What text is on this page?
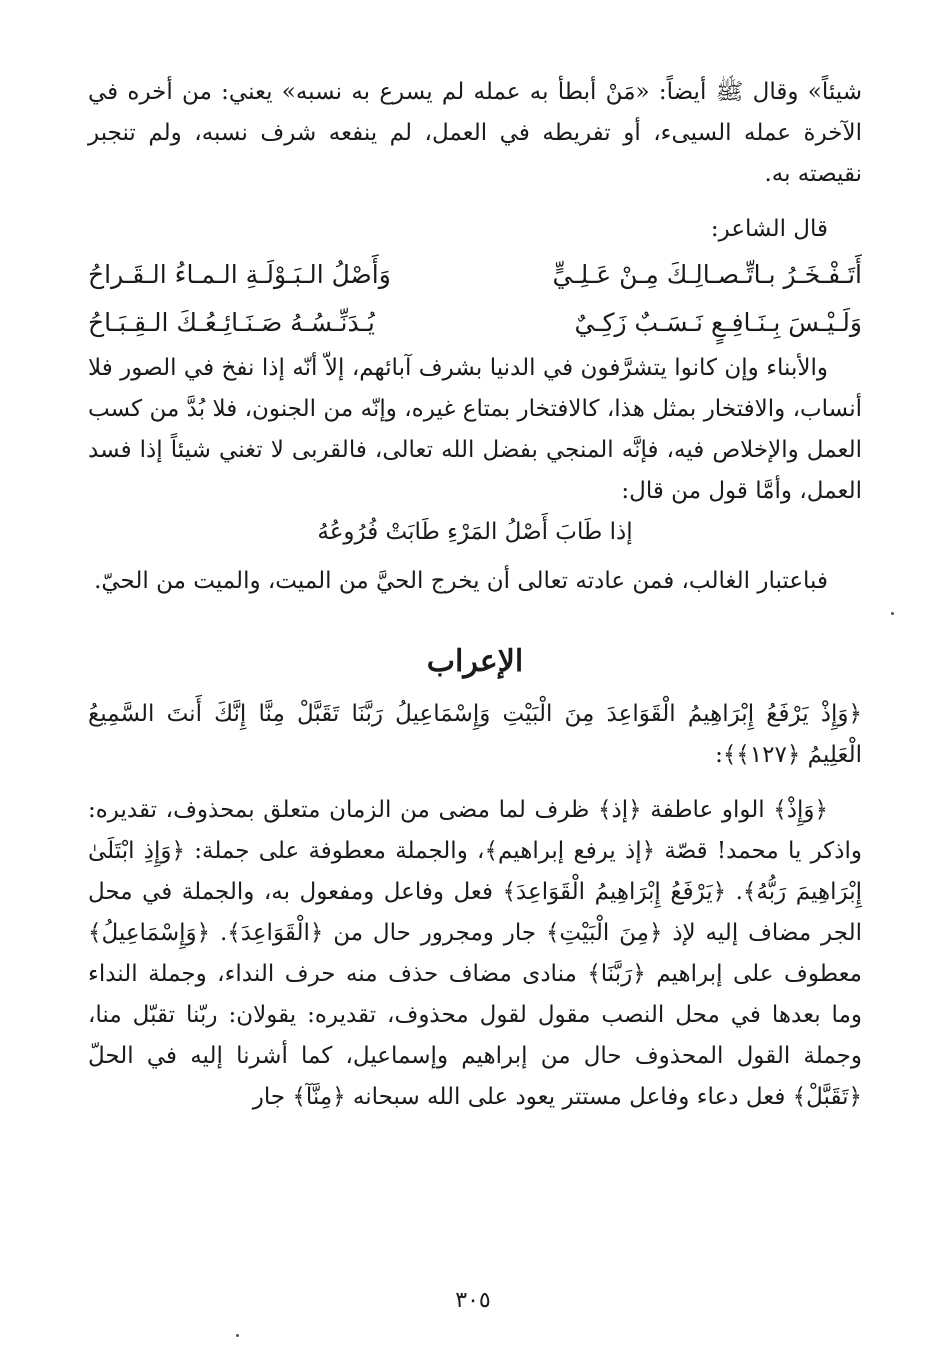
شيئاً» وقال ﷺ أيضاً: «مَنْ أبطأ به عمله لم يسرع به نسبه» يعني: من أخره في الآخرة عمله السيىء، أو تفريطه في العمل، لم ينفعه شرف نسبه، ولم تنجبر نقيصته به.

قال الشاعر:

أَتَـفْـخَـرُ بـاتِّـصـالِـكَ مِـنْ عَـلِـيٍّ
وَأَصْلُ الـبَـوْلَـةِ الـمـاءُ الـقَـراحُ
وَلَـيْـسَ بِـنَـافِـعٍ نَـسَـبٌ زَكِـيٌ
يُـدَنِّـسُـهُ صَـنَـائِـعُـكَ الـقِـبَـاحُ

والأبناء وإن كانوا يتشرَّفون في الدنيا بشرف آبائهم، إلاّ أنّه إذا نفخ في الصور فلا أنساب، والافتخار بمثل هذا، كالافتخار بمتاع غيره، وإنّه من الجنون، فلا بُدَّ من كسب العمل والإخلاص فيه، فإنَّه المنجي بفضل الله تعالى، فالقربى لا تغني شيئاً إذا فسد العمل، وأمَّا قول من قال:

إذا طَابَ أَصْلُ المَرْءِ طَابَتْ فُرُوعُهُ

فباعتبار الغالب، فمن عادته تعالى أن يخرج الحيَّ من الميت، والميت من الحيّ.

الإعراب

﴿وَإِذْ يَرْفَعُ إِبْرَاهِيمُ الْقَوَاعِدَ مِنَ الْبَيْتِ وَإِسْمَاعِيلُ رَبَّنَا تَقَبَّلْ مِنَّا إِنَّكَ أَنتَ السَّمِيعُ الْعَلِيمُ ﴿١٢٧﴾﴾:

﴿وَإِذْ﴾ الواو عاطفة ﴿إذ﴾ ظرف لما مضى من الزمان متعلق بمحذوف، تقديره: واذكر يا محمد! قصّة ﴿إذ يرفع إبراهيم﴾، والجملة معطوفة على جملة: ﴿وَإِذِ ابْتَلَىٰ إِبْرَاهِيمَ رَبُّهُ﴾. ﴿يَرْفَعُ إِبْرَاهِيمُ الْقَوَاعِدَ﴾ فعل وفاعل ومفعول به، والجملة في محل الجر مضاف إليه لإذ ﴿مِنَ الْبَيْتِ﴾ جار ومجرور حال من ﴿الْقَوَاعِدَ﴾. ﴿وَإِسْمَاعِيلُ﴾ معطوف على إبراهيم ﴿رَبَّنَا﴾ منادى مضاف حذف منه حرف النداء، وجملة النداء وما بعدها في محل النصب مقول لقول محذوف، تقديره: يقولان: ربّنا تقبّل منا، وجملة القول المحذوف حال من إبراهيم وإسماعيل، كما أشرنا إليه في الحلّ ﴿تَقَبَّلْ﴾ فعل دعاء وفاعل مستتر يعود على الله سبحانه ﴿مِنَّآ﴾ جار

٣٠٥
